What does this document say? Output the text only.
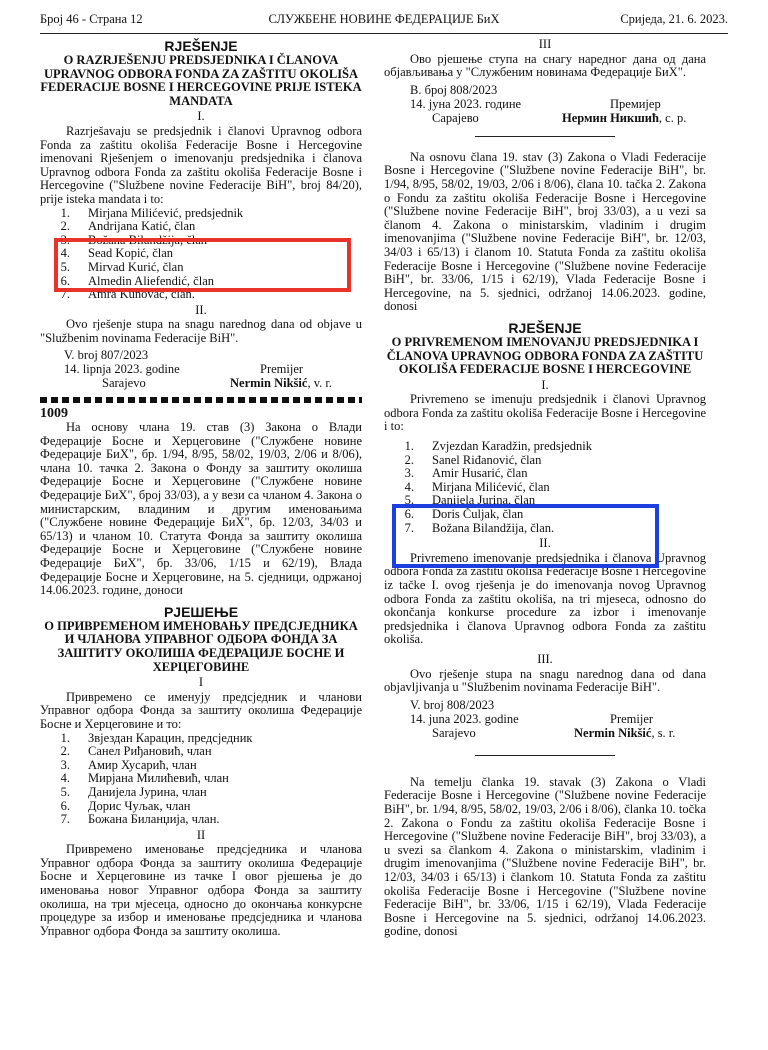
Број 46 - Страна 12	СЛУЖБЕНЕ НОВИНЕ ФЕДЕРАЦИЈЕ БиХ	Сриједа, 21. 6. 2023.
RJEŠENJE
O RAZRJEŠENJU PREDSJEDNIKA I ČLANOVA UPRAVNOG ODBORA FONDA ZA ZAŠTITU OKOLIŠA FEDERACIJE BOSNE I HERCEGOVINE PRIJE ISTEKA MANDATA
I.

Razrješavaju se predsjednik i članovi Upravnog odbora Fonda za zaštitu okoliša Federacije Bosne i Hercegovine imenovani Rješenjem o imenovanju predsjednika i članova Upravnog odbora Fonda za zaštitu okoliša Federacije Bosne i Hercegovine ("Službene novine Federacije BiH", broj 84/20), prije isteka mandata i to:

1.	Mirjana Milićević, predsjednik
2.	Andrijana Katić, član
3.	Božana Bilandžija, član
4.	Sead Kopić, član
5.	Mirvad Kurić, član
6.	Almedin Aliefendić, član
7.	Amra Kunovac, član.
II.

Ovo rješenje stupa na snagu narednog dana od objave u "Službenim novinama Federacije BiH".

V. broj 807/2023
14. lipnja 2023. godine	Premijer
Sarajevo	Nermin Nikšić, v. r.
1009

На основу члана 19. став (3) Закона о Влади Федерације Босне и Херцеговине ("Службене новине Федерације БиХ", бр. 1/94, 8/95, 58/02, 19/03, 2/06 и 8/06), члана 10. тачка 2. Закона о Фонду за заштиту околиша Федерације Босне и Херцеговине ("Службене новине Федерације БиХ", број 33/03), а у вези са чланом 4. Закона о министарским, владиним и другим именовањима ("Службене новине Федерације БиХ", бр. 12/03, 34/03 и 65/13) и чланом 10. Статута Фонда за заштиту околиша Федерације Босне и Херцеговине ("Службене новине Федерације БиХ", бр. 33/06, 1/15 и 62/19), Влада Федерације Босне и Херцеговине, на 5. сједници, одржаној 14.06.2023. године, доноси

РЈЕШЕЊЕ
О ПРИВРЕМЕНОМ ИМЕНОВАЊУ ПРЕДСЈЕДНИКА И ЧЛАНОВА УПРАВНОГ ОДБОРА ФОНДА ЗА ЗАШТИТУ ОКОЛИША ФЕДЕРАЦИЈЕ БОСНЕ И ХЕРЦЕГОВИНЕ
I

Привремено се именују предсједник и чланови Управног одбора Фонда за заштиту околиша Федерације Босне и Херцеговине и то:

1.	Звјездан Карацин, предсједник
2.	Санел Риђановић, члан
3.	Амир Хусарић, члан
4.	Мирјана Милићевић, члан
5.	Данијела Јурина, члан
6.	Дорис Чуљак, члан
7.	Божана Биланџија, члан.
II

Привремено именовање предсједника и чланова Управног одбора Фонда за заштиту околиша Федерације Босне и Херцеговине из тачке I овог рјешења је до именовања новог Управног одбора Фонда за заштиту околиша, на три мјесеца, односно до окончања конкурсне процедуре за избор и именовање предсједника и чланова Управног одбора Фонда за заштиту околиша.

III

Ово рјешење ступа на снагу наредног дана од дана објављивања у "Службеним новинама Федерације БиХ".

В. број 808/2023
14. јуна 2023. године	Премијер
Сарајево	Нермин Никшић, с. р.

Na osnovu člana 19. stav (3) Zakona o Vladi Federacije Bosne i Hercegovine ("Službene novine Federacije BiH", br. 1/94, 8/95, 58/02, 19/03, 2/06 i 8/06), člana 10. tačka 2. Zakona o Fondu za zaštitu okoliša Federacije Bosne i Hercegovine ("Službene novine Federacije BiH", broj 33/03), a u vezi sa članom 4. Zakona o ministarskim, vladinim i drugim imenovanjima ("Službene novine Federacije BiH", br. 12/03, 34/03 i 65/13) i članom 10. Statuta Fonda za zaštitu okoliša Federacije Bosne i Hercegovine ("Službene novine Federacije BiH", br. 33/06, 1/15 i 62/19), Vlada Federacije Bosne i Hercegovine, na 5. sjednici, održanoj 14.06.2023. godine, donosi

RJEŠENJE
O PRIVREMENOM IMENOVANJU PREDSJEDNIKA I ČLANOVA UPRAVNOG ODBORA FONDA ZA ZAŠTITU OKOLIŠA FEDERACIJE BOSNE I HERCEGOVINE
I.

Privremeno se imenuju predsjednik i članovi Upravnog odbora Fonda za zaštitu okoliša Federacije Bosne i Hercegovine i to:

1.	Zvjezdan Karadžin, predsjednik
2.	Sanel Riđanović, član
3.	Amir Husarić, član
4.	Mirjana Milićević, član
5.	Danijela Jurina, član
6.	Doris Čuljak, član
7.	Božana Bilandžija, član.
II.

Privremeno imenovanje predsjednika i članova Upravnog odbora Fonda za zaštitu okoliša Federacije Bosne i Hercegovine iz tačke I. ovog rješenja je do imenovanja novog Upravnog odbora Fonda za zaštitu okoliša, na tri mjeseca, odnosno do okončanja konkurse procedure za izbor i imenovanje predsjednika i članova Upravnog odbora Fonda za zaštitu okoliša.

III.

Ovo rješenje stupa na snagu narednog dana od dana objavljivanja u "Službenim novinama Federacije BiH".

V. broj 808/2023
14. juna 2023. godine	Premijer
Sarajevo	Nermin Nikšić, s. r.

Na temelju članka 19. stavak (3) Zakona o Vladi Federacije Bosne i Hercegovine ("Službene novine Federacije BiH", br. 1/94, 8/95, 58/02, 19/03, 2/06 i 8/06), članka 10. točka 2. Zakona o Fondu za zaštitu okoliša Federacije Bosne i Hercegovine ("Službene novine Federacije BiH", broj 33/03), a u svezi sa člankom 4. Zakona o ministarskim, vladinim i drugim imenovanjima ("Službene novine Federacije BiH", br. 12/03, 34/03 i 65/13) i člankom 10. Statuta Fonda za zaštitu okoliša Federacije Bosne i Hercegovine ("Službene novine Federacije BiH", br. 33/06, 1/15 i 62/19), Vlada Federacije Bosne i Hercegovine na 5. sjednici, održanoj 14.06.2023. godine, donosi
